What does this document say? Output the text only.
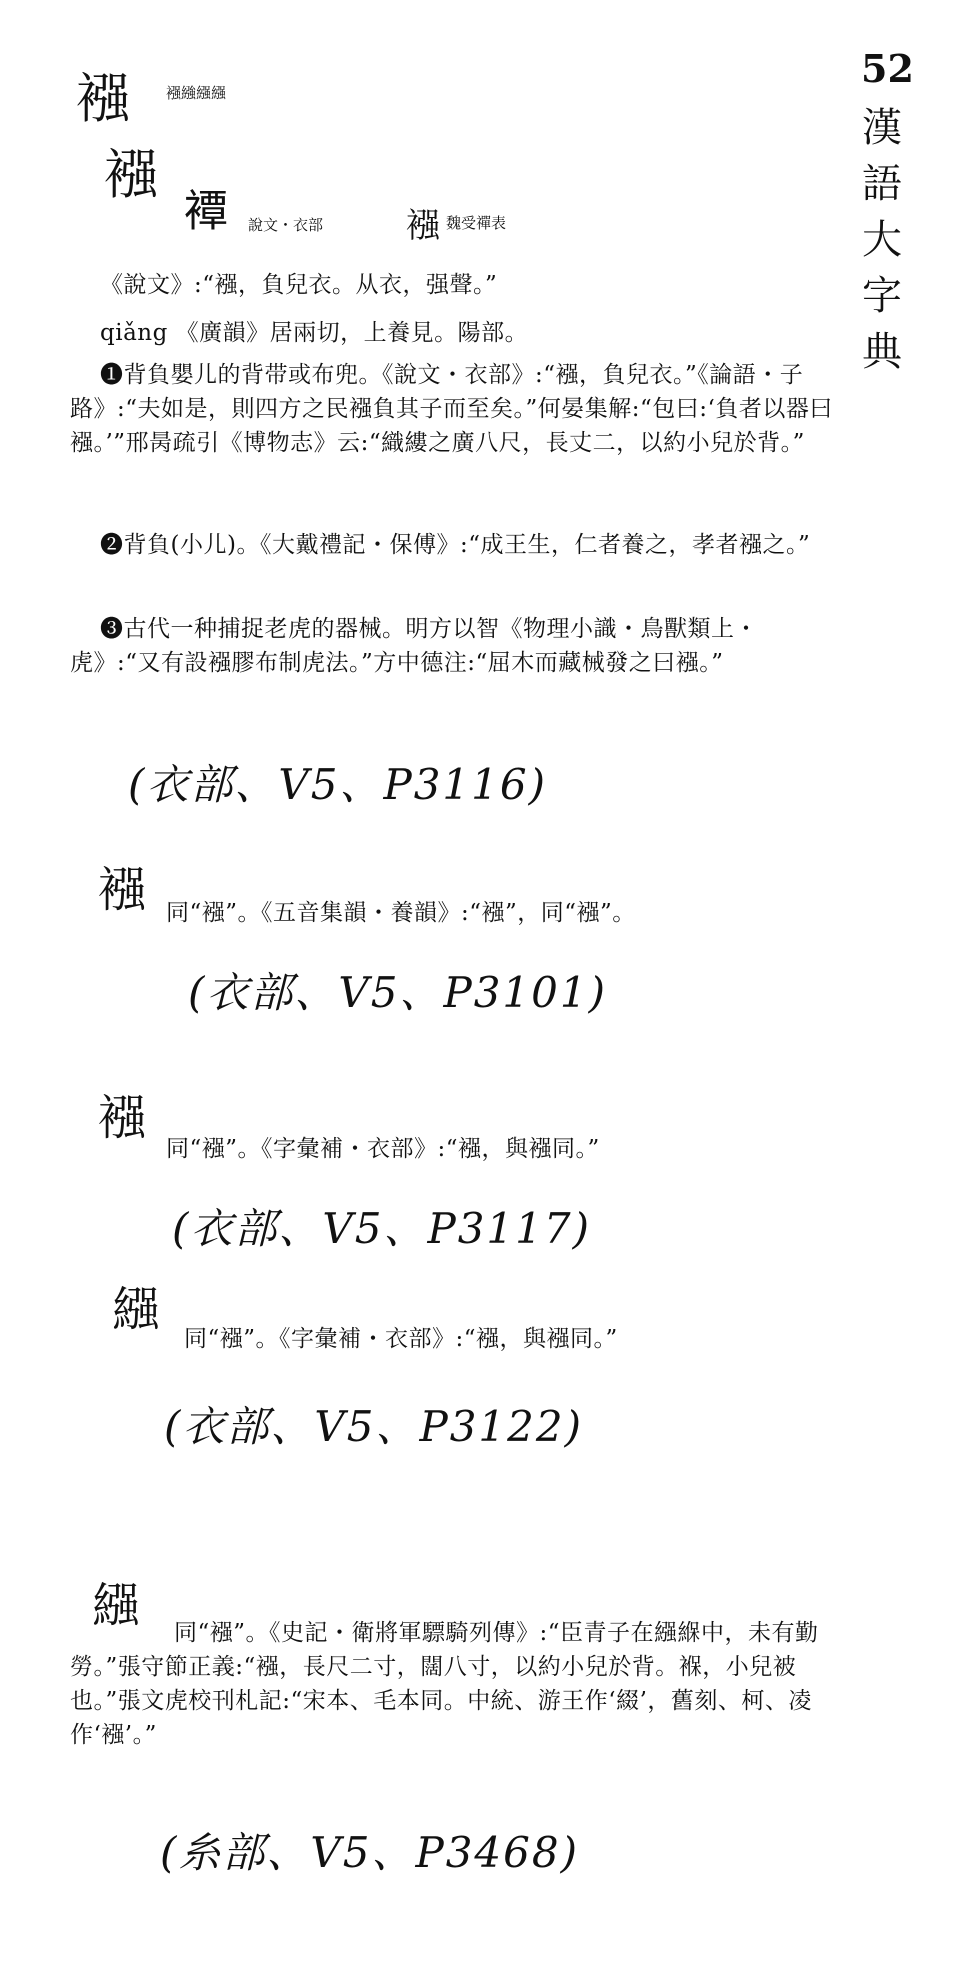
52
漢
語
大
字
典
襁 襁繈繦繦
襁
𧝓 說文・衣部 襁 魏受禪表
《說文》:“襁，負兒衣。从衣，强聲。”
qiǎng 《廣韻》居兩切，上養見。陽部。
❶背負嬰儿的背带或布兜。《說文・衣部》:“襁，負兒衣。”《論語・子路》:“夫如是，則四方之民襁負其子而至矣。”何晏集解:“包曰:‘負者以器曰襁。’”邢昺疏引《博物志》云:“織縷之廣八尺，長丈二，以約小兒於背。”
❷背負(小儿)。《大戴禮記・保傅》:“成王生，仁者養之，孝者襁之。”
❸古代一种捕捉老虎的器械。明方以智《物理小識・鳥獸類上・虎》:“又有設襁膠布制虎法。”方中德注:“屈木而藏械發之曰襁。”
(衣部、V5、P3116)
襁 同“襁”。《五音集韻・養韻》:“襁”，同“襁”。
(衣部、V5、P3101)
襁
同“襁”。《字彙補・衣部》:“襁，與襁同。”
(衣部、V5、P3117)
繦
同“襁”。《字彙補・衣部》:“襁，與襁同。”
(衣部、V5、P3122)
繦	同“襁”。《史記・衛將軍驃騎列傳》:“臣青子在繦緥中，未有勤勞。”張守節正義:“襁，長尺二寸，闊八寸，以約小兒於背。褓，小兒被也。”張文虎校刊札記:“宋本、毛本同。中統、游王作‘綴’，舊刻、柯、凌作‘襁’。”
(糸部、V5、P3468)
